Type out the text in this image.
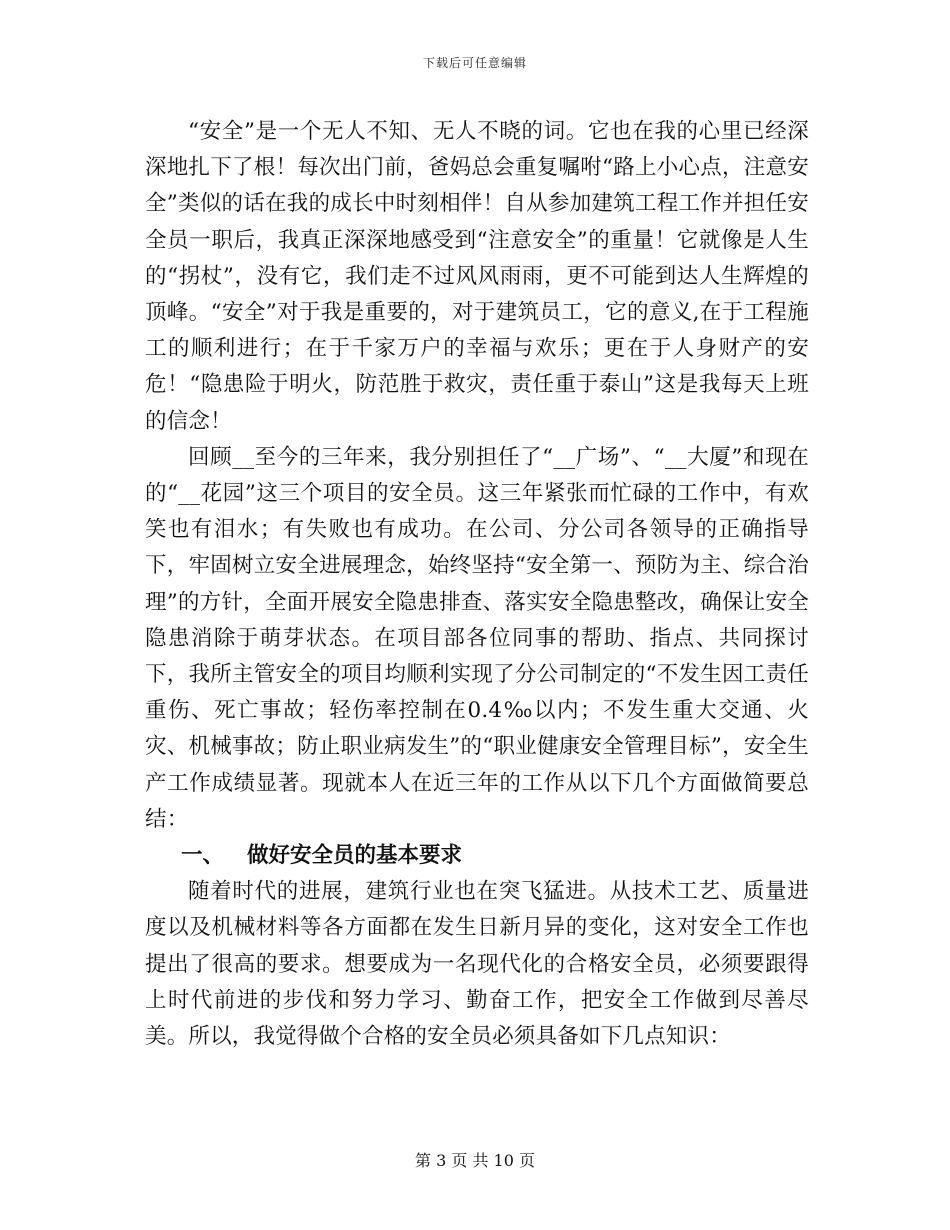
下载后可任意编辑

“安全”是一个无人不知、无人不晓的词。它也在我的心里已经深深地扎下了根！每次出门前，爸妈总会重复嘱咐“路上小心点，注意安全”类似的话在我的成长中时刻相伴！自从参加建筑工程工作并担任安全员一职后，我真正深深地感受到“注意安全”的重量！它就像是人生的“拐杖”，没有它，我们走不过风风雨雨，更不可能到达人生辉煌的顶峰。“安全”对于我是重要的，对于建筑员工，它的意义,在于工程施工的顺利进行；在于千家万户的幸福与欢乐；更在于人身财产的安危！“隐患险于明火，防范胜于救灾，责任重于泰山”这是我每天上班的信念！

回顾__至今的三年来，我分别担任了“__广场”、“__大厦”和现在的“__花园”这三个项目的安全员。这三年紧张而忙碌的工作中，有欢笑也有泪水；有失败也有成功。在公司、分公司各领导的正确指导下，牢固树立安全进展理念，始终坚持“安全第一、预防为主、综合治理”的方针，全面开展安全隐患排查、落实安全隐患整改，确保让安全隐患消除于萌芽状态。在项目部各位同事的帮助、指点、共同探讨下，我所主管安全的项目均顺利实现了分公司制定的“不发生因工责任重伤、死亡事故；轻伤率控制在0.4‰以内；不发生重大交通、火灾、机械事故；防止职业病发生”的“职业健康安全管理目标”，安全生产工作成绩显著。现就本人在近三年的工作从以下几个方面做简要总结：

一、 做好安全员的基本要求

随着时代的进展，建筑行业也在突飞猛进。从技术工艺、质量进度以及机械材料等各方面都在发生日新月异的变化，这对安全工作也提出了很高的要求。想要成为一名现代化的合格安全员，必须要跟得上时代前进的步伐和努力学习、勤奋工作，把安全工作做到尽善尽美。所以，我觉得做个合格的安全员必须具备如下几点知识：

第 3 页 共 10 页
